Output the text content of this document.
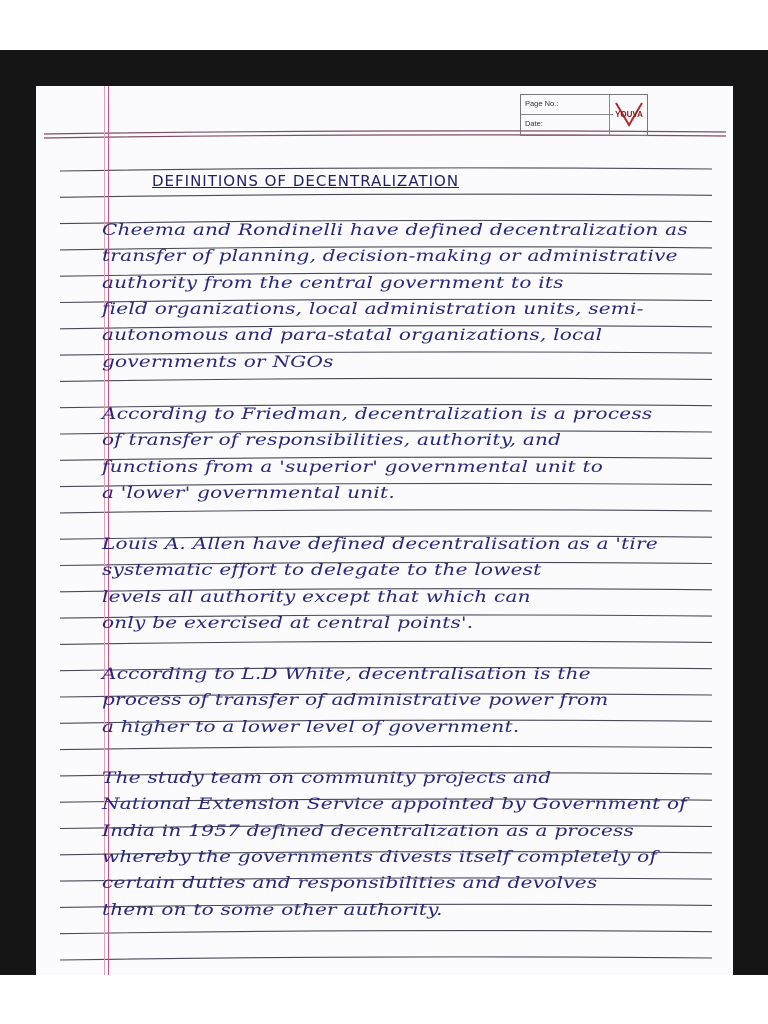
Page No.:
Date:
YOUVA
DEFINITIONS OF DECENTRALIZATION
Cheema and Rondinelli have defined decentralization as
transfer of planning, decision-making or administrative
authority from the central government to its
field organizations, local administration units, semi-
autonomous and para-statal organizations, local
governments or NGOs
According to Friedman, decentralization is a process
of transfer of responsibilities, authority, and
functions from a 'superior' governmental unit to
a 'lower' governmental unit.
Louis A. Allen have defined decentralisation as a 'tire
systematic effort to delegate to the lowest
levels all authority except that which can
only be exercised at central points'.
According to L.D White, decentralisation is the
process of transfer of administrative power from
a higher to a lower level of government.
The study team on community projects and
National Extension Service appointed by Government of
India in 1957 defined decentralization as a process
whereby the governments divests itself completely of
certain duties and responsibilities and devolves
them on to some other authority.
